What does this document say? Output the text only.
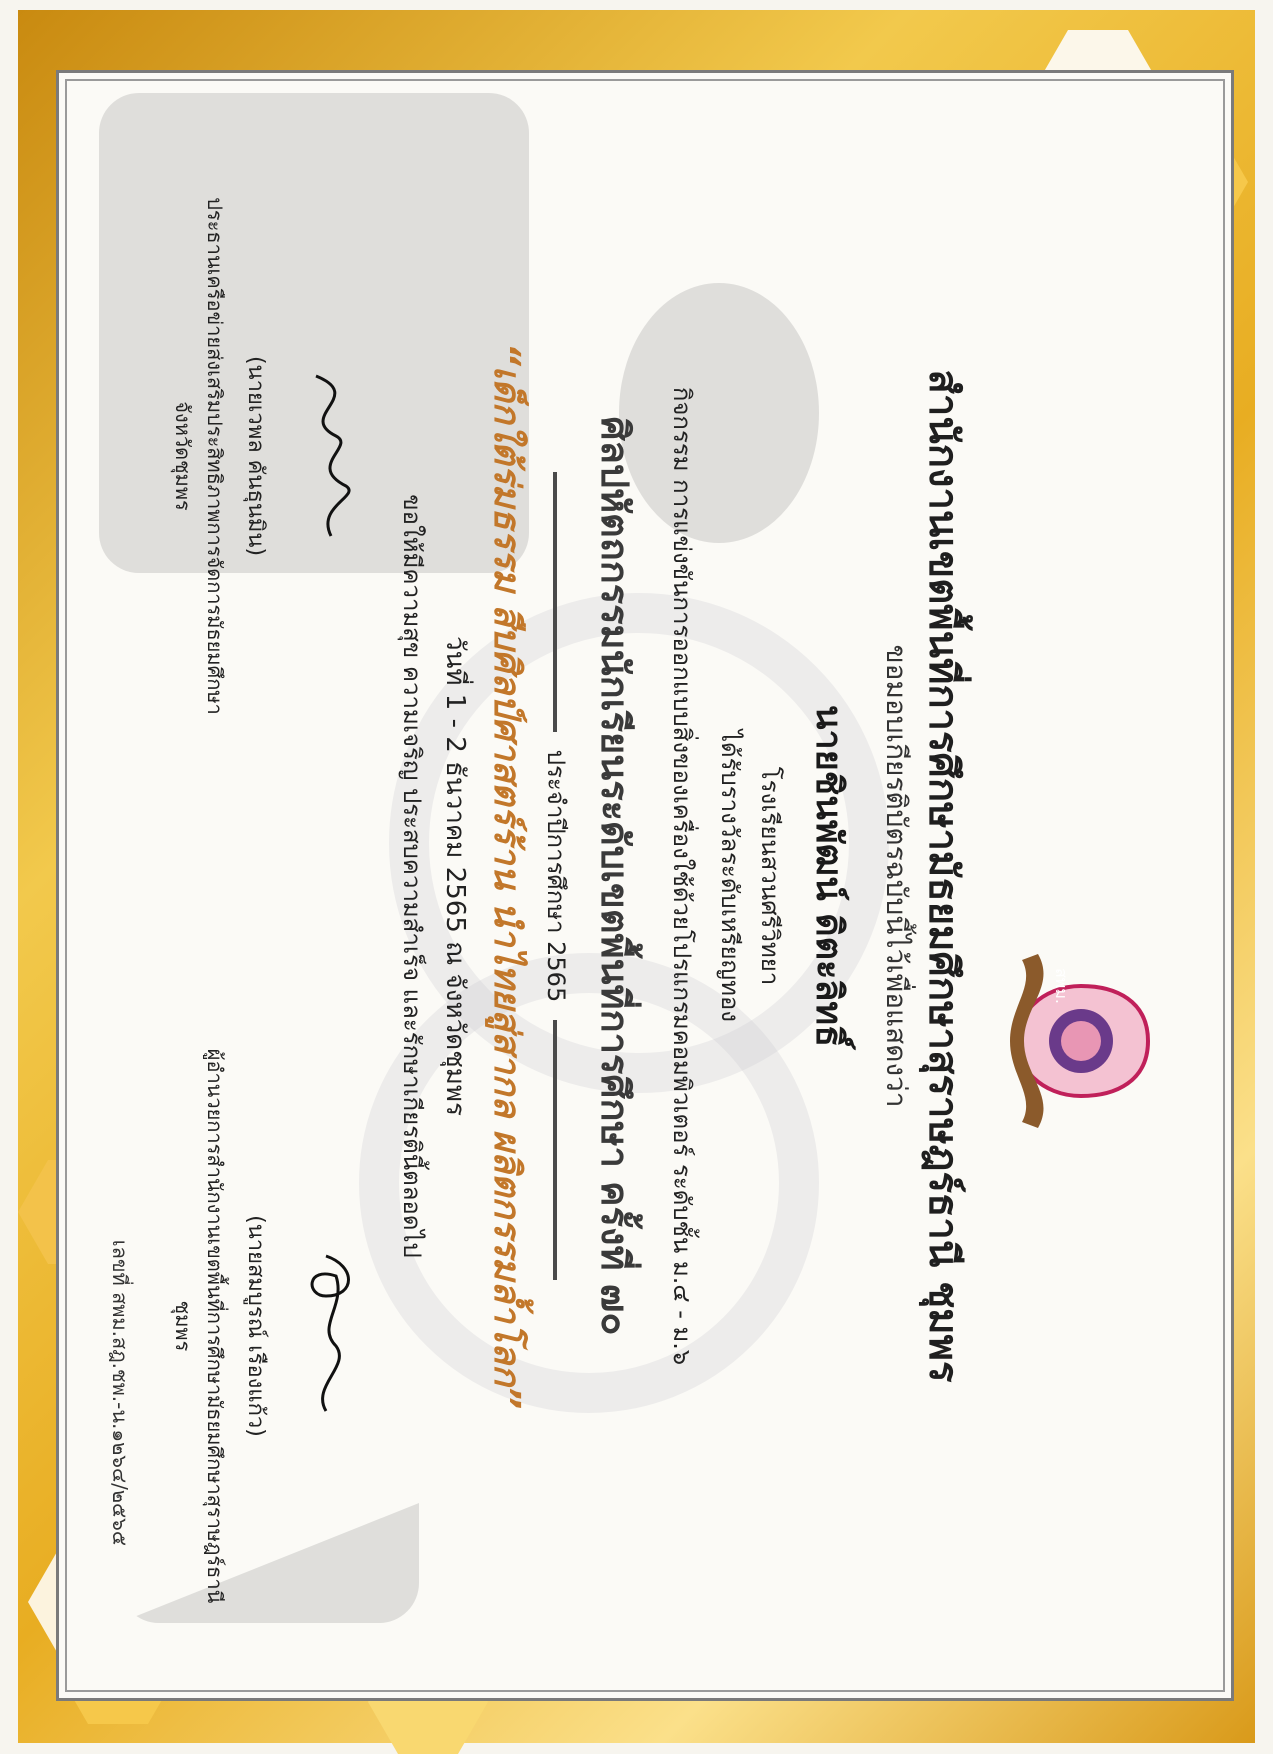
เลขที่ สพม.สฎ.ชพ.-น.๑๒๖๔/๒๕๖๕
สพม.
สำนักงานเขตพื้นที่การศึกษามัธยมศึกษาสุราษฎร์ธานี ชุมพร
ขอมอบเกียรติบัตรฉบับนี้ไว้เพื่อแสดงว่า
นายชินพัฒน์ ดิตะลิทธิ์
โรงเรียนสวนศรีวิทยา
ได้รับรางวัลระดับเหรียญทอง
กิจกรรม การแข่งขันการออกแบบสิ่งของเครื่องใช้ด้วยโปรแกรมคอมพิวเตอร์ ระดับชั้น ม.๔ - ม.๖
ศิลปหัตถกรรมนักเรียนระดับเขตพื้นที่การศึกษา ครั้งที่ ๗๐
ประจำปีการศึกษา 2565
“เด็กใต้ร่มธรรม สืบศิลป์ศาสตร์ร้าน นำไทยสู่สากล ผลิตกรรมล้ำโลก”
วันที่ 1 - 2 ธันวาคม 2565 ณ จังหวัดชุมพร
ขอให้มีความสุข ความเจริญ ประสบความสำเร็จ และรักษาเกียรตินี้ตลอดไป
(นายเวพล คันธุนมิน)
ประธานเครือข่ายส่งเสริมประสิทธิภาพการจัดการมัธยมศึกษาจังหวัดชุมพร
(นายสมบูรณ์ เรืองแก้ว)
ผู้อำนวยการสำนักงานเขตพื้นที่การศึกษามัธยมศึกษาสุราษฎร์ธานี ชุมพร
